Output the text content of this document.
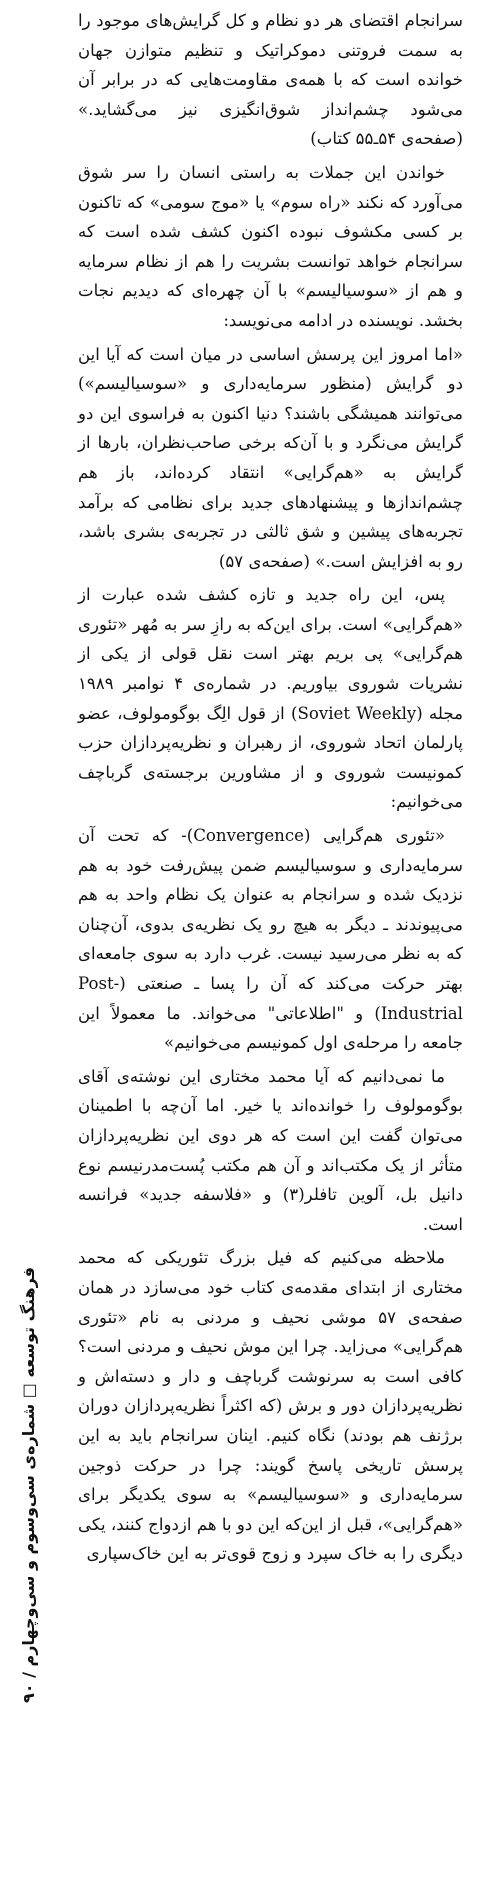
سرانجام اقتضای هر دو نظام و کل گرایش‌های موجود را به سمت فروتنی دموکراتیک و تنظیم متوازن جهان خوانده است که با همه‌ی مقاومت‌هایی که در برابر آن می‌شود چشم‌انداز شوق‌انگیزی نیز می‌گشاید.» (صفحه‌ی ۵۴ـ۵۵ کتاب)

خواندن این جملات به راستی انسان را سر شوق می‌آورد که نکند «راه سوم» یا «موج سومی» که تاکنون بر کسی مکشوف نبوده اکنون کشف شده است که سرانجام خواهد توانست بشریت را هم از نظام سرمایه و هم از «سوسیالیسم» با آن چهره‌ای که دیدیم نجات بخشد. نویسنده در ادامه می‌نویسد:

«اما امروز این پرسش اساسی در میان است که آیا این دو گرایش (منظور سرمایه‌داری و «سوسیالیسم») می‌توانند همیشگی باشند؟ دنیا اکنون به فراسوی این دو گرایش می‌نگرد و با آن‌که برخی صاحب‌نظران، بارها از گرایش به «هم‌گرایی» انتقاد کرده‌اند، باز هم چشم‌اندازها و پیشنهادهای جدید برای نظامی که برآمد تجربه‌های پیشین و شق ثالثی در تجربه‌ی بشری باشد، رو به افزایش است.» (صفحه‌ی ۵۷)

پس، این راه جدید و تازه کشف شده عبارت از «هم‌گرایی» است. برای این‌که به رازِ سر به مُهر «تئوری هم‌گرایی» پی بریم بهتر است نقل قولی از یکی از نشریات شوروی بیاوریم. در شماره‌ی ۴ نوامبر ۱۹۸۹ مجله (Soviet Weekly) از قول الِگ بوگومولوف، عضو پارلمان اتحاد شوروی، از رهبران و نظریه‌پردازان حزب کمونیست شوروی و از مشاورین برجسته‌ی گرباچف می‌خوانیم:

«تئوری هم‌گرایی (Convergence)- که تحت آن سرمایه‌داری و سوسیالیسم ضمن پیش‌رفت خود به هم نزدیک شده و سرانجام به عنوان یک نظام واحد به هم می‌پیوندند ـ دیگر به هیچ رو یک نظریه‌ی بدوی، آن‌چنان که به نظر می‌رسید نیست. غرب دارد به سوی جامعه‌ای بهتر حرکت می‌کند که آن را پسا ـ صنعتی (Post-Industrial) و "اطلاعاتی" می‌خواند. ما معمولاً این جامعه را مرحله‌ی اول کمونیسم می‌خوانیم»

ما نمی‌دانیم که آیا محمد مختاری این نوشته‌ی آقای بوگومولوف را خوانده‌اند یا خیر. اما آن‌چه با اطمینان می‌توان گفت این است که هر دوی این نظریه‌پردازان متأثر از یک مکتب‌اند و آن هم مکتب پُست‌مدرنیسم نوع دانیل بل، آلوین تافلر(۳) و «فلاسفه جدید» فرانسه است.

ملاحظه می‌کنیم که فیل بزرگ تئوریکی که محمد مختاری از ابتدای مقدمه‌ی کتاب خود می‌سازد در همان صفحه‌ی ۵۷ موشی نحیف و مردنی به نام «تئوری هم‌گرایی» می‌زاید. چرا این موش نحیف و مردنی است؟ کافی است به سرنوشت گرباچف و دار و دسته‌اش و نظریه‌پردازان دور و برش (که اکثراً نظریه‌پردازان دوران برژنف هم بودند) نگاه کنیم. اینان سرانجام باید به این پرسش تاریخی پاسخ گویند: چرا در حرکت ذوجین سرمایه‌داری و «سوسیالیسم» به سوی یکدیگر برای «هم‌گرایی»، قبل از این‌که این دو با هم ازدواج کنند، یکی دیگری را به خاک سپرد و زوج قوی‌تر به این خاک‌سپاری

فرهنگ توسعه □ شماره‌ی سی‌وسوم و سی‌وچهارم / ۹۰
